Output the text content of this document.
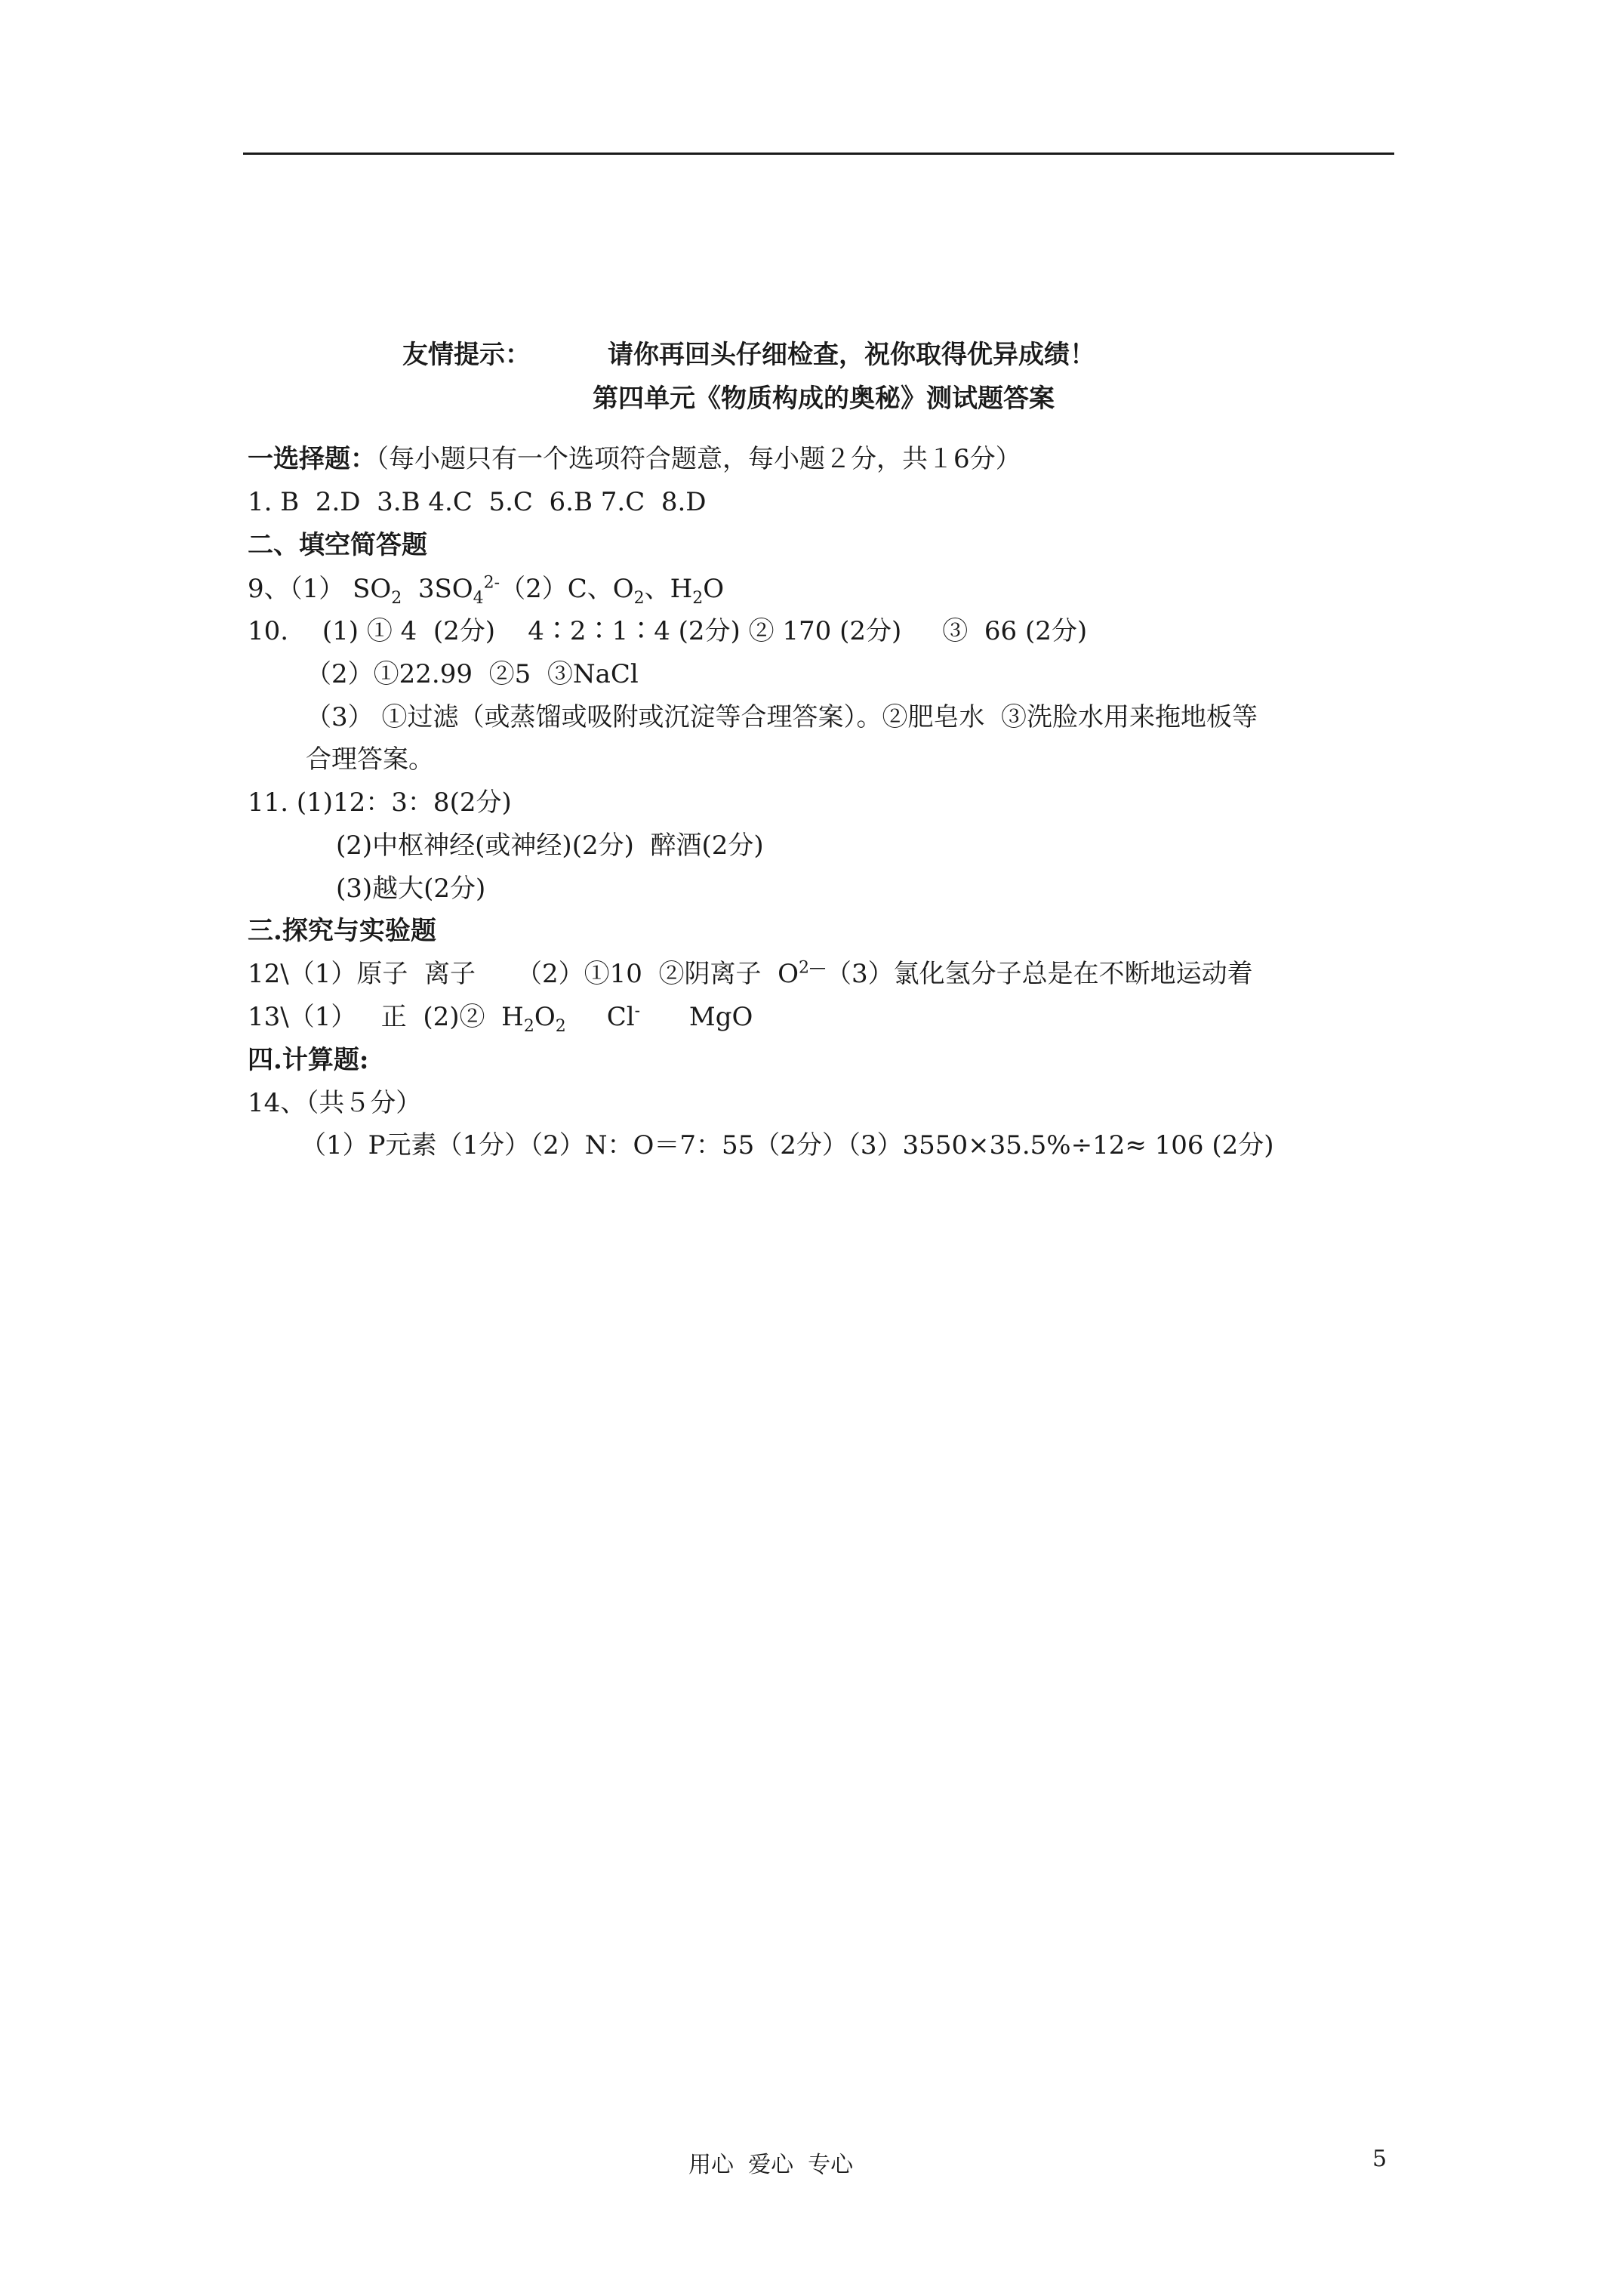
友情提示：	请你再回头仔细检查，祝你取得优异成绩！
第四单元《物质构成的奥秘》测试题答案
一选择题：（每小题只有一个选项符合题意，每小题２分，共１6分）
1. B  2.D  3.B 4.C  5.C  6.B 7.C  8.D
二、填空简答题
9、（1） $SO_2$  $3SO_4^{2-}(2)C$、$O_2$、$H_2O$
10.　 (1) ① 4  (2分)    4∶2∶1∶4 (2分) ② 170 (2分)     ③  66 (2分)
（2）①22.99  ②5  ③NaCl
（3） ①过滤（或蒸馏或吸附或沉淀等合理答案）。②肥皂水  ③洗脸水用来拖地板等
合理答案。
11. (1)12：3：8(2分)
(2)中枢神经(或神经)(2分)  醉酒(2分)
(3)越大(2分)
三.探究与实验题
12\（1）原子  离子     （2）①10  ②阴离子  $O^{2—}(3)$氯化氢分子总是在不断地运动着
13\（1）   正  (2)②  $H_2O_2$     Cl-      MgO
四.计算题:
14、（共５分）
（1）P元素（1分）（2）N：O＝7：55（2分）（3）3550×35.5%÷12≈ 106 (2分)
用心  爱心  专心	5
